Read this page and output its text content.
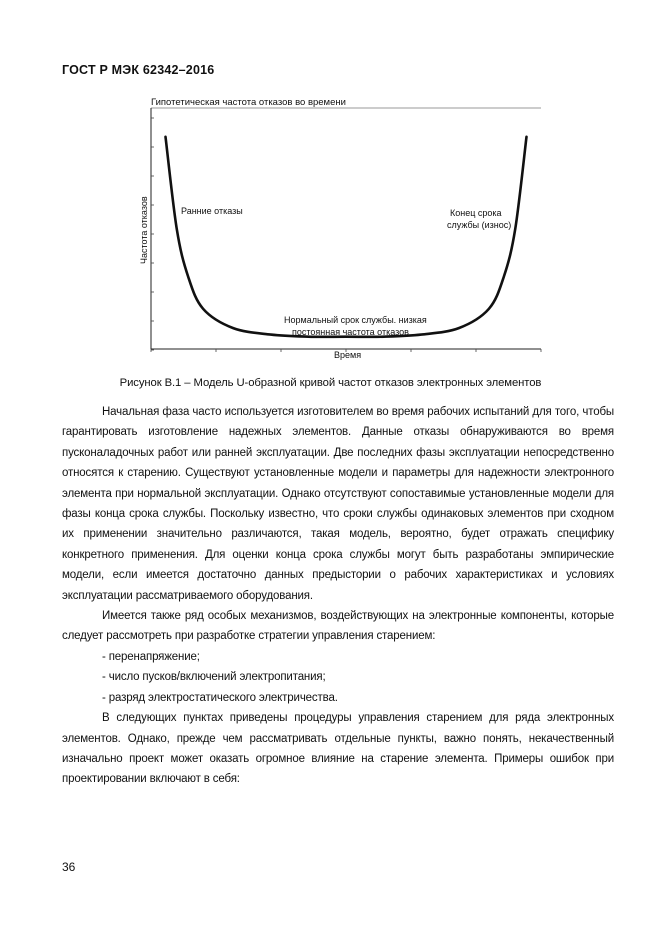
ГОСТ Р МЭК 62342–2016
Гипотетическая частота отказов во времени
Частота отказов
Время
Ранние отказы	Конец срока
службы (износ)
Нормальный срок службы. низкая
постоянная частота отказов
Рисунок В.1 – Модель U-образной кривой частот отказов электронных элементов

Начальная фаза часто используется изготовителем во время рабочих испытаний для того, чтобы гарантировать изготовление надежных элементов. Данные отказы обнаруживаются во время пусконаладочных работ или ранней эксплуатации. Две последних фазы эксплуатации непосредственно относятся к старению. Существуют установленные модели и параметры для надежности электронного элемента при нормальной эксплуатации. Однако отсутствуют сопоставимые установленные модели для фазы конца срока службы. Поскольку известно, что сроки службы одинаковых элементов при сходном их применении значительно различаются, такая модель, вероятно, будет отражать специфику конкретного применения. Для оценки конца срока службы могут быть разработаны эмпирические модели, если имеется достаточно данных предыстории о рабочих характеристиках и условиях эксплуатации рассматриваемого оборудования.

Имеется также ряд особых механизмов, воздействующих на электронные компоненты, которые следует рассмотреть при разработке стратегии управления старением:

- перенапряжение;

- число пусков/включений электропитания;

- разряд электростатического электричества.

В следующих пунктах приведены процедуры управления старением для ряда электронных элементов. Однако, прежде чем рассматривать отдельные пункты, важно понять, некачественный изначально проект может оказать огромное влияние на старение элемента. Примеры ошибок при проектировании включают в себя:

36
